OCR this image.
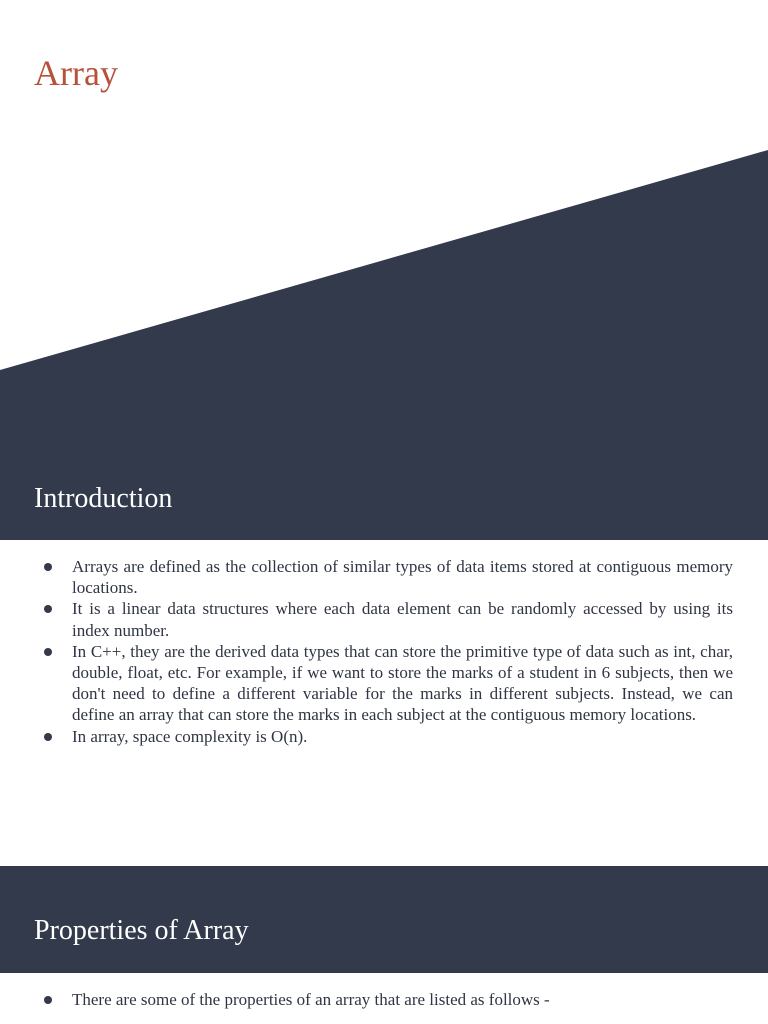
Array
Introduction
Arrays are defined as the collection of similar types of data items stored at contiguous memory locations.
It is a linear data structures where each data element can be randomly accessed by using its index number.
In C++, they are the derived data types that can store the primitive type of data such as int, char, double, float, etc. For example, if we want to store the marks of a student in 6 subjects, then we don't need to define a different variable for the marks in different subjects. Instead, we can define an array that can store the marks in each subject at the contiguous memory locations.
In array, space complexity is O(n).
Properties of Array
There are some of the properties of an array that are listed as follows -
